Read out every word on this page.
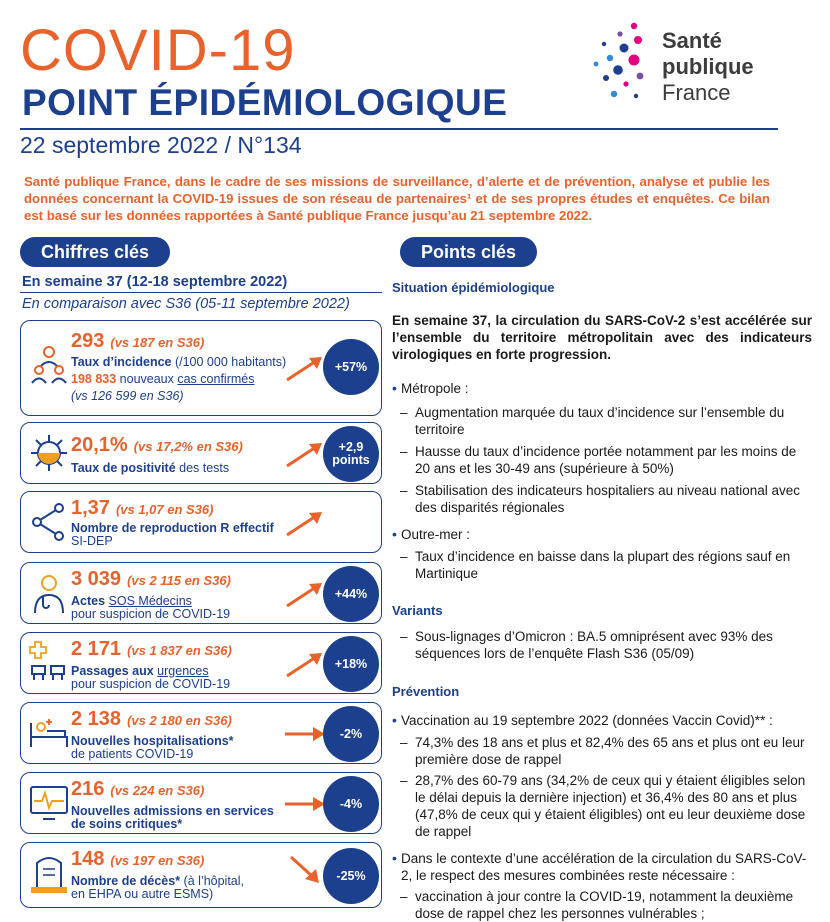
COVID-19
POINT ÉPIDÉMIOLOGIQUE
22 septembre 2022 / N°134
Santé
publique
France
Santé publique France, dans le cadre de ses missions de surveillance, d’alerte et de prévention, analyse et publie les données concernant la COVID-19 issues de son réseau de partenaires¹ et de ses propres études et enquêtes. Ce bilan est basé sur les données rapportées à Santé publique France jusqu’au 21 septembre 2022.
Chiffres clés
En semaine 37 (12-18 septembre 2022)
En comparaison avec S36 (05-11 septembre 2022)
293 (vs 187 en S36)
Taux d’incidence (/100 000 habitants)
198 833 nouveaux cas confirmés
(vs 126 599 en S36)
+57%
20,1% (vs 17,2% en S36)
Taux de positivité des tests
+2,9
points
1,37 (vs 1,07 en S36)
Nombre de reproduction R effectif
SI-DEP
3 039 (vs 2 115 en S36)
Actes SOS Médecins
pour suspicion de COVID-19
+44%
2 171 (vs 1 837 en S36)
Passages aux urgences
pour suspicion de COVID-19
+18%
2 138 (vs 2 180 en S36)
Nouvelles hospitalisations*
de patients COVID-19
-2%
216 (vs 224 en S36)
Nouvelles admissions en services
de soins critiques*
-4%
148 (vs 197 en S36)
Nombre de décès* (à l’hôpital,
en EHPA ou autre ESMS)
-25%
Points clés
Situation épidémiologique
En semaine 37, la circulation du SARS-CoV-2 s’est accélérée sur l’ensemble du territoire métropolitain avec des indicateurs virologiques en forte progression.
• Métropole :
– Augmentation marquée du taux d’incidence sur l’ensemble du territoire
– Hausse du taux d’incidence portée notamment par les moins de 20 ans et les 30-49 ans (supérieure à 50%)
– Stabilisation des indicateurs hospitaliers au niveau national avec des disparités régionales
• Outre-mer :
– Taux d’incidence en baisse dans la plupart des régions sauf en Martinique
Variants
– Sous-lignages d’Omicron : BA.5 omniprésent avec 93% des séquences lors de l’enquête Flash S36 (05/09)
Prévention
• Vaccination au 19 septembre 2022 (données Vaccin Covid)** :
– 74,3% des 18 ans et plus et 82,4% des 65 ans et plus ont eu leur première dose de rappel
– 28,7% des 60-79 ans (34,2% de ceux qui y étaient éligibles selon le délai depuis la dernière injection) et 36,4% des 80 ans et plus (47,8% de ceux qui y étaient éligibles) ont eu leur deuxième dose de rappel
• Dans le contexte d’une accélération de la circulation du SARS-CoV-2, le respect des mesures combinées reste nécessaire :
– vaccination à jour contre la COVID-19, notamment la deuxième dose de rappel chez les personnes vulnérables ;
